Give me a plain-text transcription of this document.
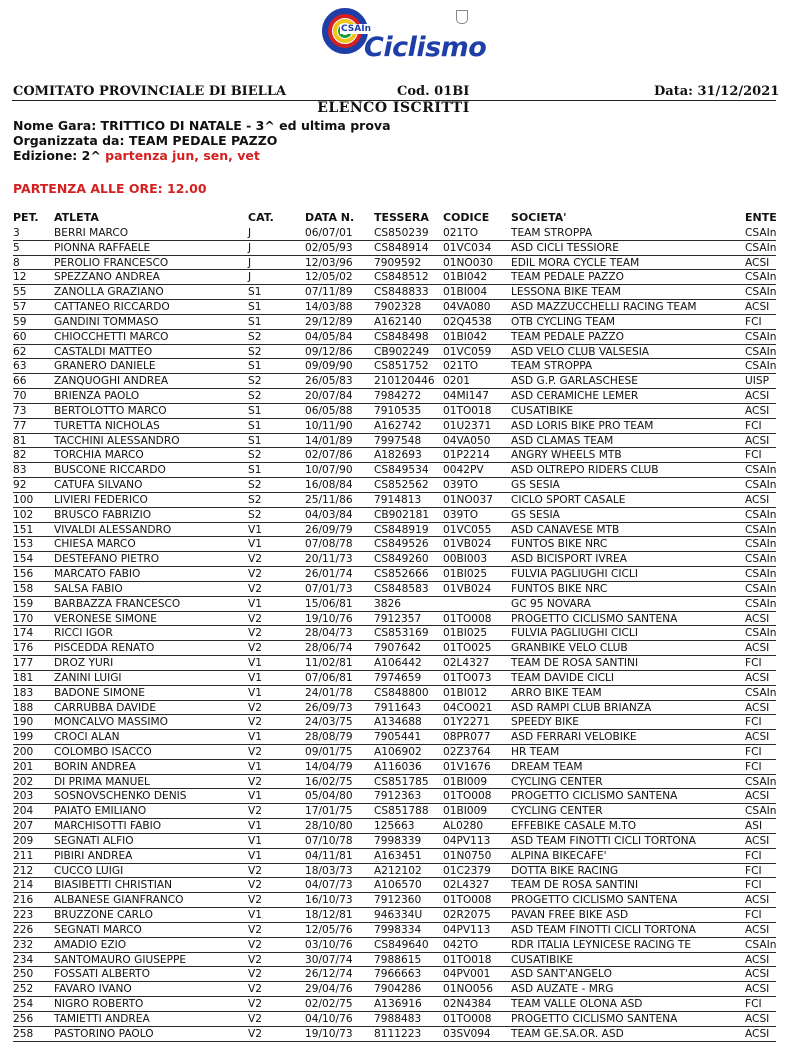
CSAIn
Ciclismo
COMITATO PROVINCIALE DI BIELLA	Cod. 01BI	Data: 31/12/2021
ELENCO ISCRITTI
Nome Gara: TRITTICO DI NATALE - 3^ ed ultima prova
Organizzata da: TEAM PEDALE PAZZO
Edizione: 2^ partenza jun, sen, vet
PARTENZA ALLE ORE: 12.00
PET. ATLETA	CAT.	DATA N. TESSERA CODICE SOCIETA'	ENTE
3	BERRI MARCO	J	06/07/01 CS850239 021TO	TEAM STROPPA	CSAIn
5	PIONNA RAFFAELE	J	02/05/93 CS848914 01VC034 ASD CICLI TESSIORE	CSAIn
8	PEROLIO FRANCESCO	J	12/03/96 7909592 01NO030 EDIL MORA CYCLE TEAM	ACSI
12	SPEZZANO ANDREA	J	12/05/02 CS848512 01BI042 TEAM PEDALE PAZZO	CSAIn
55	ZANOLLA GRAZIANO	S1	07/11/89 CS848833 01BI004 LESSONA BIKE TEAM	CSAIn
57	CATTANEO RICCARDO	S1	14/03/88 7902328 04VA080 ASD MAZZUCCHELLI RACING TEAM	ACSI
59	GANDINI TOMMASO	S1	29/12/89 A162140 02Q4538 OTB CYCLING TEAM	FCI
60	CHIOCCHETTI MARCO	S2	04/05/84 CS848498 01BI042 TEAM PEDALE PAZZO	CSAIn
62	CASTALDI MATTEO	S2	09/12/86 CB902249 01VC059 ASD VELO CLUB VALSESIA	CSAIn
63	GRANERO DANIELE	S1	09/09/90 CS851752 021TO	TEAM STROPPA	CSAIn
66	ZANQUOGHI ANDREA	S2	26/05/83 210120446 0201	ASD G.P. GARLASCHESE	UISP
70	BRIENZA PAOLO	S2	20/07/84 7984272 04MI147 ASD CERAMICHE LEMER	ACSI
73	BERTOLOTTO MARCO	S1	06/05/88 7910535 01TO018 CUSATIBIKE	ACSI
77	TURETTA NICHOLAS	S1	10/11/90 A162742 01U2371 ASD LORIS BIKE PRO TEAM	FCI
81	TACCHINI ALESSANDRO	S1	14/01/89 7997548 04VA050 ASD CLAMAS TEAM	ACSI
82	TORCHIA MARCO	S2	02/07/86 A182693 01P2214 ANGRY WHEELS MTB	FCI
83	BUSCONE RICCARDO	S1	10/07/90 CS849534 0042PV	ASD OLTREPO RIDERS CLUB	CSAIn
92	CATUFA SILVANO	S2	16/08/84 CS852562 039TO	GS SESIA	CSAIn
100 LIVIERI FEDERICO	S2	25/11/86 7914813 01NO037 CICLO SPORT CASALE	ACSI
102 BRUSCO FABRIZIO	S2	04/03/84 CB902181 039TO	GS SESIA	CSAIn
151 VIVALDI ALESSANDRO	V1	26/09/79 CS848919 01VC055 ASD CANAVESE MTB	CSAIn
153 CHIESA MARCO	V1	07/08/78 CS849526 01VB024 FUNTOS BIKE NRC	CSAIn
154 DESTEFANO PIETRO	V2	20/11/73 CS849260 00BI003 ASD BICISPORT IVREA	CSAIn
156 MARCATO FABIO	V2	26/01/74 CS852666 01BI025 FULVIA PAGLIUGHI CICLI	CSAIn
158 SALSA FABIO	V2	07/01/73 CS848583 01VB024 FUNTOS BIKE NRC	CSAIn
159 BARBAZZA FRANCESCO	V1	15/06/81 3826	GC 95 NOVARA	CSAIn
170 VERONESE SIMONE	V2	19/10/76 7912357 01TO008 PROGETTO CICLISMO SANTENA	ACSI
174 RICCI IGOR	V2	28/04/73 CS853169 01BI025 FULVIA PAGLIUGHI CICLI	CSAIn
176 PISCEDDA RENATO	V2	28/06/74 7907642 01TO025 GRANBIKE VELO CLUB	ACSI
177 DROZ YURI	V1	11/02/81 A106442 02L4327 TEAM DE ROSA SANTINI	FCI
181 ZANINI LUIGI	V1	07/06/81 7974659 01TO073 TEAM DAVIDE CICLI	ACSI
183 BADONE SIMONE	V1	24/01/78 CS848800 01BI012 ARRO BIKE TEAM	CSAIn
188 CARRUBBA DAVIDE	V2	26/09/73 7911643 04CO021 ASD RAMPI CLUB BRIANZA	ACSI
190 MONCALVO MASSIMO	V2	24/03/75 A134688 01Y2271 SPEEDY BIKE	FCI
199 CROCI ALAN	V1	28/08/79 7905441 08PR077 ASD FERRARI VELOBIKE	ACSI
200 COLOMBO ISACCO	V2	09/01/75 A106902 02Z3764 HR TEAM	FCI
201 BORIN ANDREA	V1	14/04/79 A116036 01V1676 DREAM TEAM	FCI
202 DI PRIMA MANUEL	V2	16/02/75 CS851785 01BI009 CYCLING CENTER	CSAIn
203 SOSNOVSCHENKO DENIS	V1	05/04/80 7912363 01TO008 PROGETTO CICLISMO SANTENA	ACSI
204 PAIATO EMILIANO	V2	17/01/75 CS851788 01BI009 CYCLING CENTER	CSAIn
207 MARCHISOTTI FABIO	V1	28/10/80 125663	AL0280	EFFEBIKE CASALE M.TO	ASI
209 SEGNATI ALFIO	V1	07/10/78 7998339 04PV113 ASD TEAM FINOTTI CICLI TORTONA	ACSI
211 PIBIRI ANDREA	V1	04/11/81 A163451 01N0750 ALPINA BIKECAFE'	FCI
212 CUCCO LUIGI	V2	18/03/73 A212102 01C2379 DOTTA BIKE RACING	FCI
214 BIASIBETTI CHRISTIAN	V2	04/07/73 A106570 02L4327 TEAM DE ROSA SANTINI	FCI
216 ALBANESE GIANFRANCO	V2	16/10/73 7912360 01TO008 PROGETTO CICLISMO SANTENA	ACSI
223 BRUZZONE CARLO	V1	18/12/81 946334U 02R2075 PAVAN FREE BIKE ASD	FCI
226 SEGNATI MARCO	V2	12/05/76 7998334 04PV113 ASD TEAM FINOTTI CICLI TORTONA	ACSI
232 AMADIO EZIO	V2	03/10/76 CS849640 042TO	RDR ITALIA LEYNICESE RACING TE	CSAIn
234 SANTOMAURO GIUSEPPE	V2	30/07/74 7988615 01TO018 CUSATIBIKE	ACSI
250 FOSSATI ALBERTO	V2	26/12/74 7966663 04PV001 ASD SANT'ANGELO	ACSI
252 FAVARO IVANO	V2	29/04/76 7904286 01NO056 ASD AUZATE - MRG	ACSI
254 NIGRO ROBERTO	V2	02/02/75 A136916 02N4384 TEAM VALLE OLONA ASD	FCI
256 TAMIETTI ANDREA	V2	04/10/76 7988483 01TO008 PROGETTO CICLISMO SANTENA	ACSI
258 PASTORINO PAOLO	V2	19/10/73 8111223 03SV094 TEAM GE.SA.OR. ASD	ACSI
